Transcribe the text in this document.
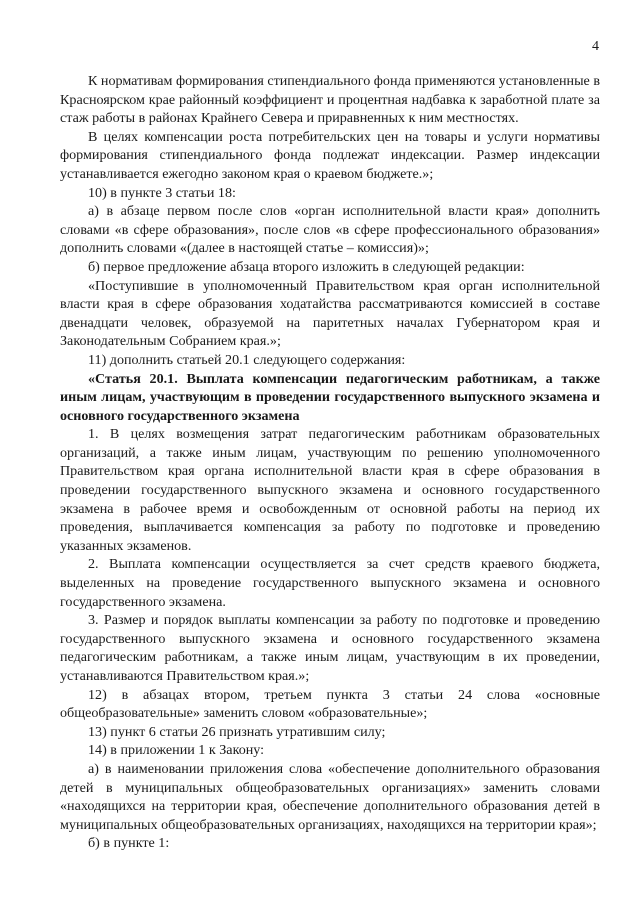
4

К нормативам формирования стипендиального фонда применяются установленные в Красноярском крае районный коэффициент и процентная надбавка к заработной плате за стаж работы в районах Крайнего Севера и приравненных к ним местностях.

В целях компенсации роста потребительских цен на товары и услуги нормативы формирования стипендиального фонда подлежат индексации. Размер индексации устанавливается ежегодно законом края о краевом бюджете.»;

10) в пункте 3 статьи 18:

а) в абзаце первом после слов «орган исполнительной власти края» дополнить словами «в сфере образования», после слов «в сфере профессионального образования» дополнить словами «(далее в настоящей статье – комиссия)»;

б) первое предложение абзаца второго изложить в следующей редакции:

«Поступившие в уполномоченный Правительством края орган исполнительной власти края в сфере образования ходатайства рассматриваются комиссией в составе двенадцати человек, образуемой на паритетных началах Губернатором края и Законодательным Собранием края.»;

11) дополнить статьей 20.1 следующего содержания:

«Статья 20.1. Выплата компенсации педагогическим работникам, а также иным лицам, участвующим в проведении государственного выпускного экзамена и основного государственного экзамена

1. В целях возмещения затрат педагогическим работникам образовательных организаций, а также иным лицам, участвующим по решению уполномоченного Правительством края органа исполнительной власти края в сфере образования в проведении государственного выпускного экзамена и основного государственного экзамена в рабочее время и освобожденным от основной работы на период их проведения, выплачивается компенсация за работу по подготовке и проведению указанных экзаменов.

2. Выплата компенсации осуществляется за счет средств краевого бюджета, выделенных на проведение государственного выпускного экзамена и основного государственного экзамена.

3. Размер и порядок выплаты компенсации за работу по подготовке и проведению государственного выпускного экзамена и основного государственного экзамена педагогическим работникам, а также иным лицам, участвующим в их проведении, устанавливаются Правительством края.»;

12) в абзацах втором, третьем пункта 3 статьи 24 слова «основные общеобразовательные» заменить словом «образовательные»;

13) пункт 6 статьи 26 признать утратившим силу;

14) в приложении 1 к Закону:

а) в наименовании приложения слова «обеспечение дополнительного образования детей в муниципальных общеобразовательных организациях» заменить словами «находящихся на территории края, обеспечение дополнительного образования детей в муниципальных общеобразовательных организациях, находящихся на территории края»;

б) в пункте 1:
